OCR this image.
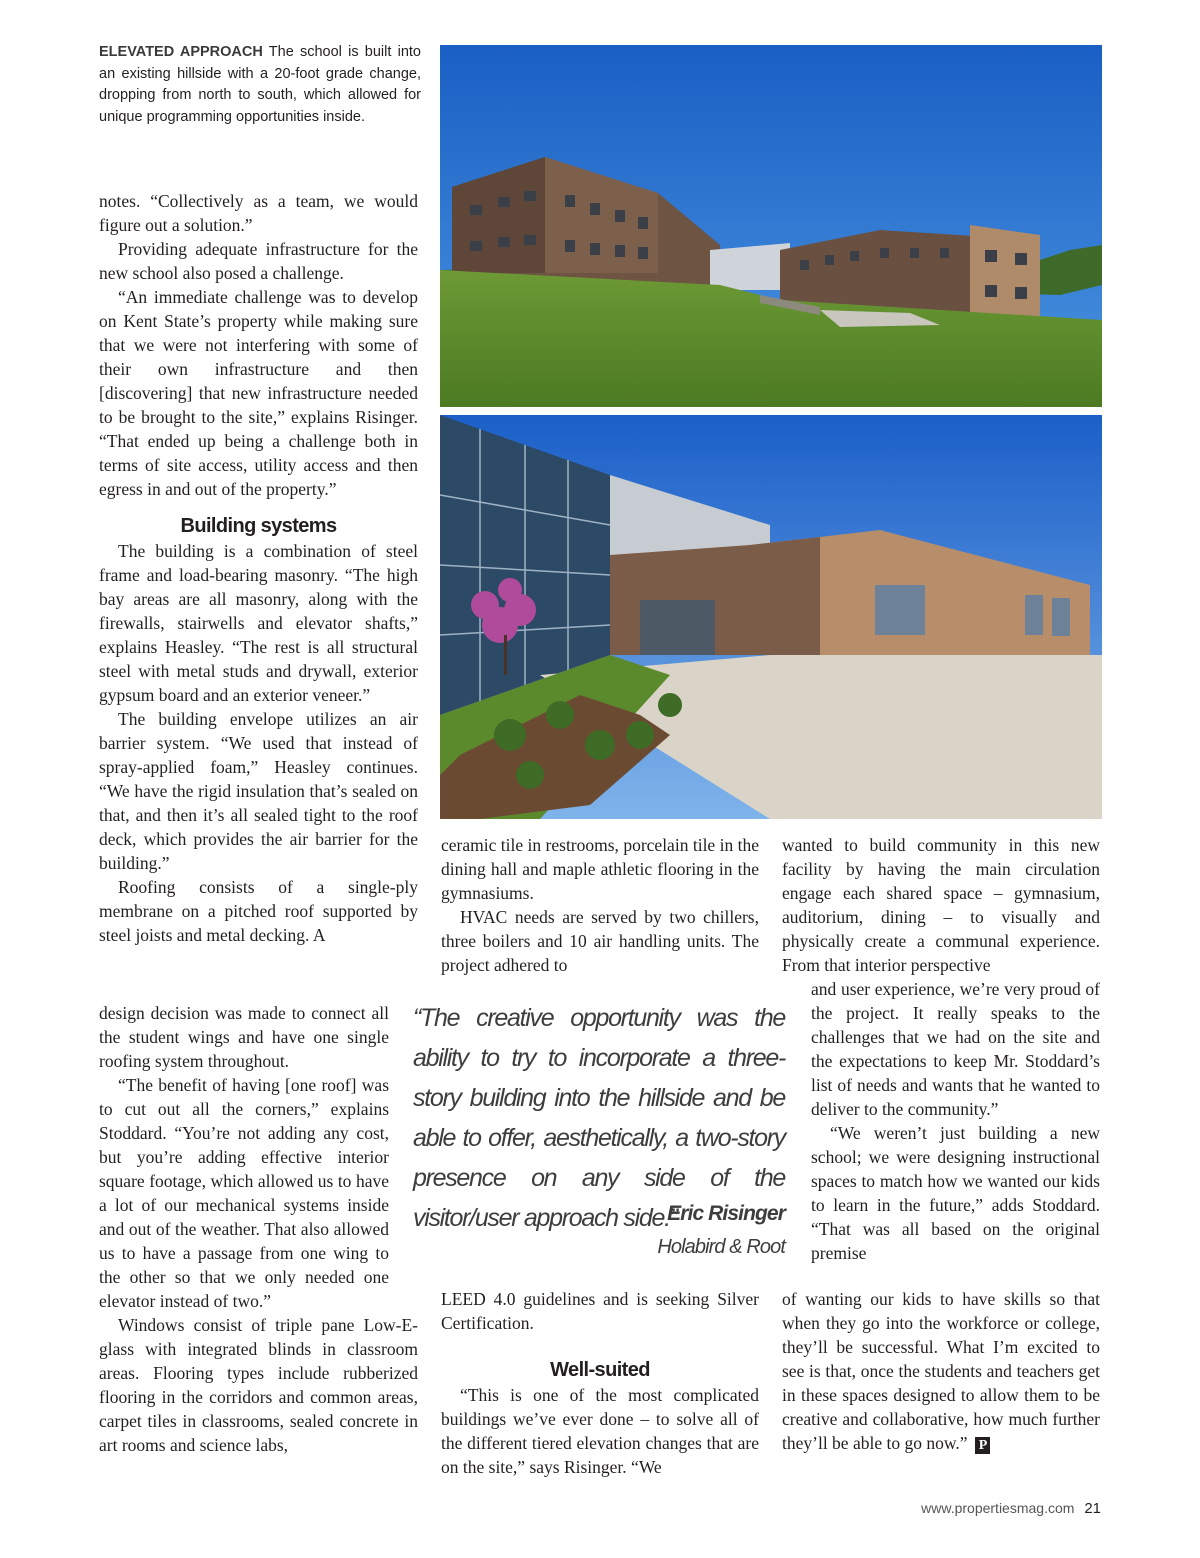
ELEVATED APPROACH The school is built into an existing hillside with a 20-foot grade change, dropping from north to south, which allowed for unique programming opportunities inside.

notes. “Collectively as a team, we would figure out a solution.”

Providing adequate infrastructure for the new school also posed a challenge.

“An immediate challenge was to develop on Kent State’s property while making sure that we were not interfering with some of their own infrastructure and then [discovering] that new infrastructure needed to be brought to the site,” explains Risinger. “That ended up being a challenge both in terms of site access, utility access and then egress in and out of the property.”

Building systems

The building is a combination of steel frame and load-bearing masonry. “The high bay areas are all masonry, along with the firewalls, stairwells and elevator shafts,” explains Heasley. “The rest is all structural steel with metal studs and drywall, exterior gypsum board and an exterior veneer.”

The building envelope utilizes an air barrier system. “We used that instead of spray-applied foam,” Heasley continues. “We have the rigid insulation that’s sealed on that, and then it’s all sealed tight to the roof deck, which provides the air barrier for the building.”

Roofing consists of a single-ply membrane on a pitched roof supported by steel joists and metal decking. A

design decision was made to connect all the student wings and have one single roofing system throughout.

“The benefit of having [one roof] was to cut out all the corners,” explains Stoddard. “You’re not adding any cost, but you’re adding effective interior square footage, which allowed us to have a lot of our mechanical systems inside and out of the weather. That also allowed us to have a passage from one wing to the other so that we only needed one elevator instead of two.”

Windows consist of triple pane Low-E-glass with integrated blinds in classroom areas. Flooring types include rubberized flooring in the corridors and common areas, carpet tiles in classrooms, sealed concrete in art rooms and science labs,

ceramic tile in restrooms, porcelain tile in the dining hall and maple athletic flooring in the gymnasiums.

HVAC needs are served by two chillers, three boilers and 10 air handling units. The project adhered to

LEED 4.0 guidelines and is seeking Silver Certification.

Well-suited

“This is one of the most complicated buildings we’ve ever done – to solve all of the different tiered elevation changes that are on the site,” says Risinger. “We

“The creative opportunity was the ability to try to incorporate a three-story building into the hillside and be able to offer, aesthetically, a two-story presence on any side of the visitor/user approach side.”
Eric Risinger
Holabird & Root

wanted to build community in this new facility by having the main circulation engage each shared space – gymnasium, auditorium, dining – to visually and physically create a communal experience. From that interior perspective

and user experience, we’re very proud of the project. It really speaks to the challenges that we had on the site and the expectations to keep Mr. Stoddard’s list of needs and wants that he wanted to deliver to the community.”

“We weren’t just building a new school; we were designing instructional spaces to match how we wanted our kids to learn in the future,” adds Stoddard. “That was all based on the original premise

of wanting our kids to have skills so that when they go into the workforce or college, they’ll be successful. What I’m excited to see is that, once the students and teachers get in these spaces designed to allow them to be creative and collaborative, how much further they’ll be able to go now.” P

www.propertiesmag.com 21
